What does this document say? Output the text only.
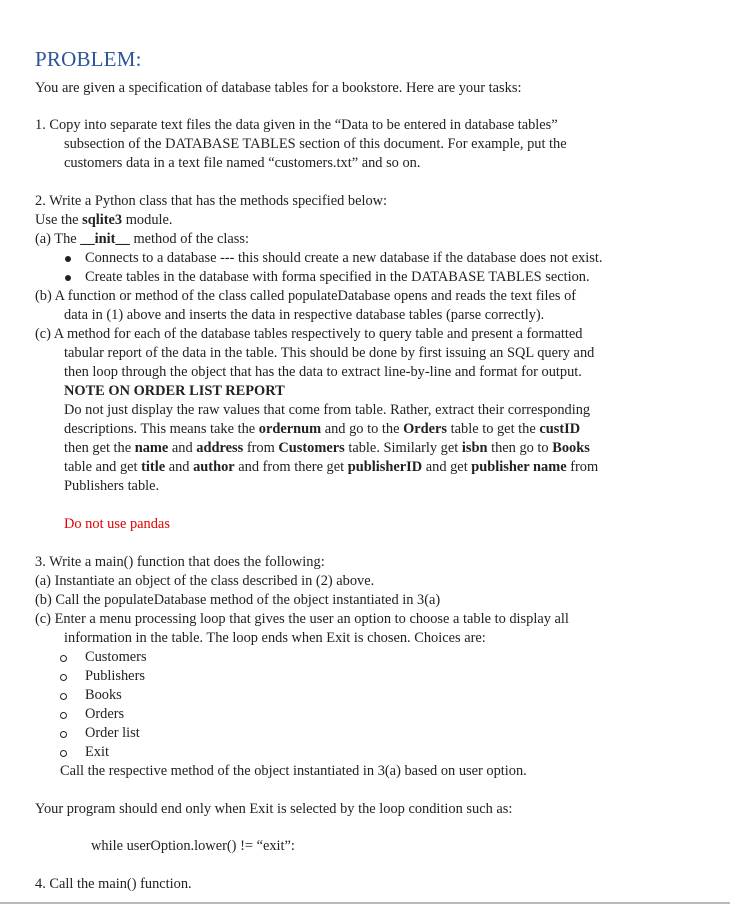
PROBLEM:
You are given a specification of database tables for a bookstore. Here are your tasks:
1. Copy into separate text files the data given in the “Data to be entered in database tables”
subsection of the DATABASE TABLES section of this document. For example, put the
customers data in a text file named “customers.txt” and so on.
2. Write a Python class that has the methods specified below:
Use the sqlite3 module.
(a) The __init__ method of the class:
Connects to a database --- this should create a new database if the database does not exist.
Create tables in the database with forma specified in the DATABASE TABLES section.
(b) A function or method of the class called populateDatabase opens and reads the text files of
data in (1) above and inserts the data in respective database tables (parse correctly).
(c) A method for each of the database tables respectively to query table and present a formatted
tabular report of the data in the table. This should be done by first issuing an SQL query and
then loop through the object that has the data to extract line-by-line and format for output.
NOTE ON ORDER LIST REPORT
Do not just display the raw values that come from table. Rather, extract their corresponding
descriptions. This means take the ordernum and go to the Orders table to get the custID
then get the name and address from Customers table. Similarly get isbn then go to Books
table and get title and author and from there get publisherID and get publisher name from
Publishers table.
Do not use pandas
3. Write a main() function that does the following:
(a) Instantiate an object of the class described in (2) above.
(b) Call the populateDatabase method of the object instantiated in 3(a)
(c) Enter a menu processing loop that gives the user an option to choose a table to display all
information in the table. The loop ends when Exit is chosen. Choices are:
Customers
Publishers
Books
Orders
Order list
Exit
Call the respective method of the object instantiated in 3(a) based on user option.
Your program should end only when Exit is selected by the loop condition such as:
while userOption.lower() != “exit”:
4. Call the main() function.
